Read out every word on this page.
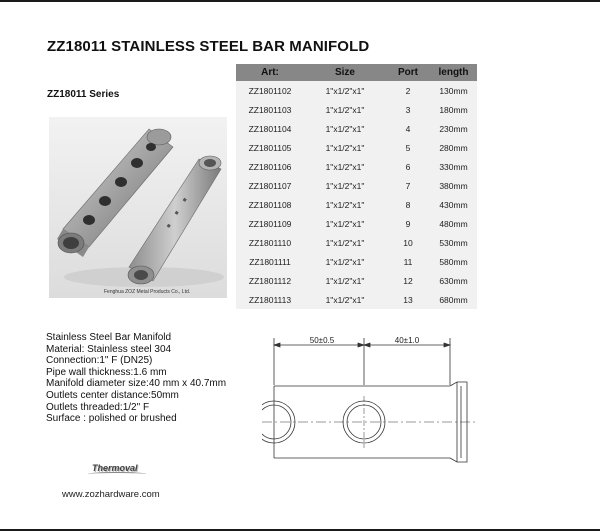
ZZ18011 STAINLESS STEEL BAR MANIFOLD
ZZ18011 Series
Fenghua ZOZ Metal Products Co., Ltd.
Art:	Size	Port	length
ZZ1801102	1"x1/2"x1"	2	130mm
ZZ1801103	1"x1/2"x1"	3	180mm
ZZ1801104	1"x1/2"x1"	4	230mm
ZZ1801105	1"x1/2"x1"	5	280mm
ZZ1801106	1"x1/2"x1"	6	330mm
ZZ1801107	1"x1/2"x1"	7	380mm
ZZ1801108	1"x1/2"x1"	8	430mm
ZZ1801109	1"x1/2"x1"	9	480mm
ZZ1801110	1"x1/2"x1"	10	530mm
ZZ1801111	1"x1/2"x1"	11	580mm
ZZ1801112	1"x1/2"x1"	12	630mm
ZZ1801113	1"x1/2"x1"	13	680mm
Stainless Steel Bar Manifold
Material: Stainless steel 304
Connection:1" F (DN25)
Pipe wall thickness:1.6 mm
Manifold diameter size:40 mm x 40.7mm
Outlets center distance:50mm
Outlets threaded:1/2" F
Surface : polished or brushed
50±0.5	40±1.0
Thermoval
www.zozhardware.com
